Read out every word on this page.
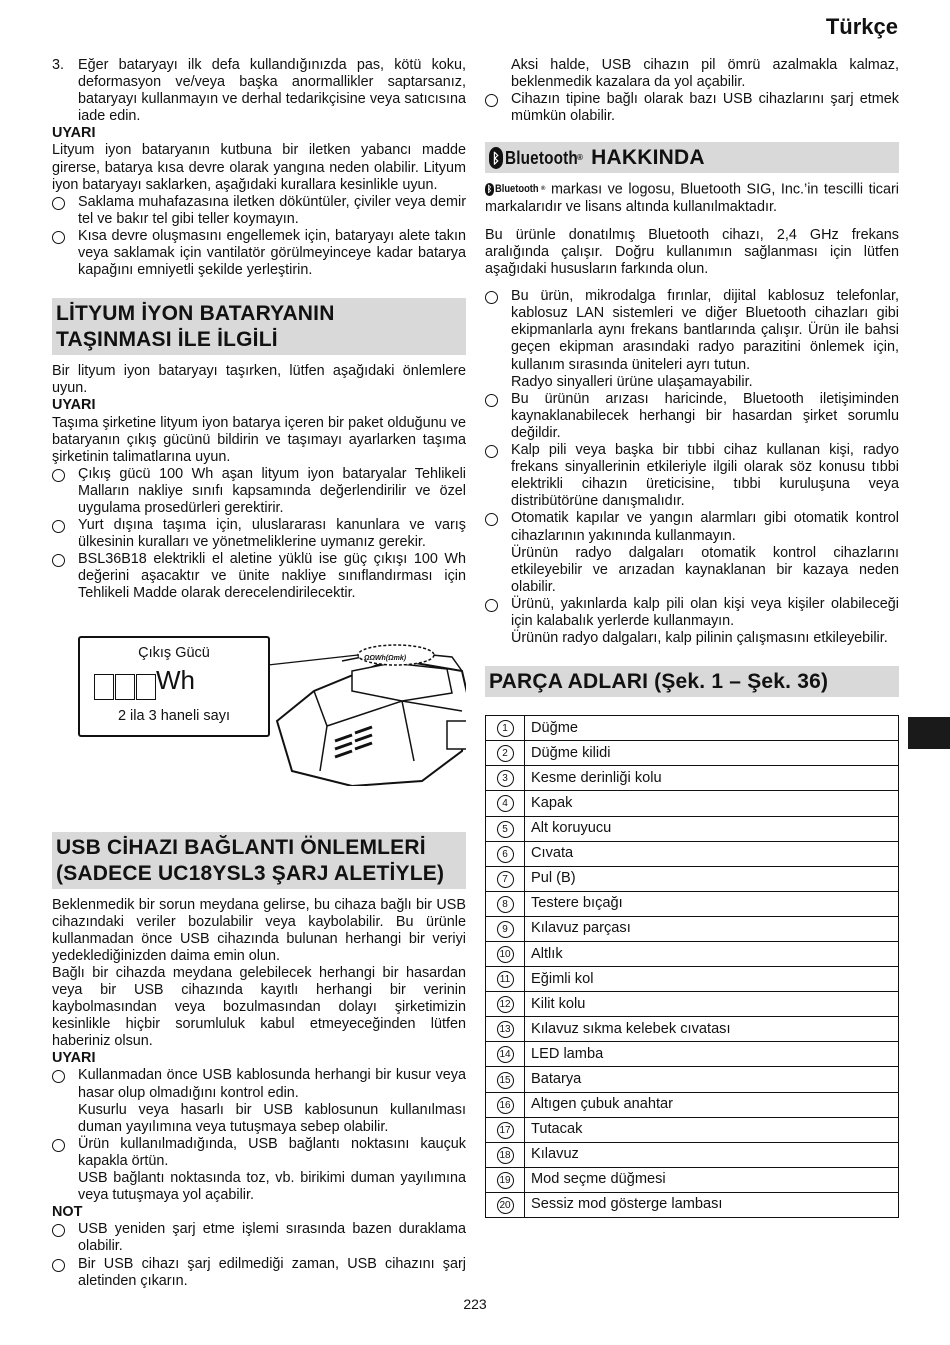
Türkçe
3. Eğer bataryayı ilk defa kullandığınızda pas, kötü koku, deformasyon ve/veya başka anormallikler saptarsanız, bataryayı kullanmayın ve derhal tedarikçisine veya satıcısına iade edin.

UYARI

Lityum iyon bataryanın kutbuna bir iletken yabancı madde girerse, batarya kısa devre olarak yangına neden olabilir. Lityum iyon bataryayı saklarken, aşağıdaki kurallara kesinlikle uyun.

Saklama muhafazasına iletken döküntüler, çiviler veya demir tel ve bakır tel gibi teller koymayın.
Kısa devre oluşmasını engellemek için, bataryayı alete takın veya saklamak için vantilatör görülmeyinceye kadar batarya kapağını emniyetli şekilde yerleştirin.
LİTYUM İYON BATARYANIN
TAŞINMASI İLE İLGİLİ

Bir lityum iyon bataryayı taşırken, lütfen aşağıdaki önlemlere uyun.

UYARI

Taşıma şirketine lityum iyon batarya içeren bir paket olduğunu ve bataryanın çıkış gücünü bildirin ve taşımayı ayarlarken taşıma şirketinin talimatlarına uyun.

Çıkış gücü 100 Wh aşan lityum iyon bataryalar Tehlikeli Malların nakliye sınıfı kapsamında değerlendirilir ve özel uygulama prosedürleri gerektirir.
Yurt dışına taşıma için, uluslararası kanunlara ve varış ülkesinin kuralları ve yönetmeliklerine uymanız gerekir.
BSL36B18 elektrikli el aletine yüklü ise güç çıkışı 100 Wh değerini aşacaktır ve ünite nakliye sınıflandırması için Tehlikeli Madde olarak derecelendirilecektir.
Çıkış Gücü
Wh
2 ila 3 haneli sayı
ΩΩWh(Ωmk)
USB CİHAZI BAĞLANTI ÖNLEMLERİ
(SADECE UC18YSL3 ŞARJ ALETİYLE)

Beklenmedik bir sorun meydana gelirse, bu cihaza bağlı bir USB cihazındaki veriler bozulabilir veya kaybolabilir. Bu ürünle kullanmadan önce USB cihazında bulunan herhangi bir veriyi yedeklediğinizden daima emin olun.

Bağlı bir cihazda meydana gelebilecek herhangi bir hasardan veya bir USB cihazında kayıtlı herhangi bir verinin kaybolmasından veya bozulmasından dolayı şirketimizin kesinlikle hiçbir sorumluluk kabul etmeyeceğinden lütfen haberiniz olsun.

UYARI

Kullanmadan önce USB kablosunda herhangi bir kusur veya hasar olup olmadığını kontrol edin.
Kusurlu veya hasarlı bir USB kablosunun kullanılması duman yayılımına veya tutuşmaya sebep olabilir.
Ürün kullanılmadığında, USB bağlantı noktasını kauçuk kapakla örtün.
USB bağlantı noktasında toz, vb. birikimi duman yayılımına veya tutuşmaya yol açabilir.

NOT

USB yeniden şarj etme işlemi sırasında bazen duraklama olabilir.
Bir USB cihazı şarj edilmediği zaman, USB cihazını şarj aletinden çıkarın.
Aksi halde, USB cihazın pil ömrü azalmakla kalmaz, beklenmedik kazalara da yol açabilir.
Cihazın tipine bağlı olarak bazı USB cihazlarını şarj etmek mümkün olabilir.
ᛒ Bluetooth ® HAKKINDA

ᛒ Bluetooth ® markası ve logosu, Bluetooth SIG, Inc.’in tescilli ticari markalarıdır ve lisans altında kullanılmaktadır.

Bu ürünle donatılmış Bluetooth cihazı, 2,4 GHz frekans aralığında çalışır. Doğru kullanımın sağlanması için lütfen aşağıdaki hususların farkında olun.

Bu ürün, mikrodalga fırınlar, dijital kablosuz telefonlar, kablosuz LAN sistemleri ve diğer Bluetooth cihazları gibi ekipmanlarla aynı frekans bantlarında çalışır. Ürün ile bahsi geçen ekipman arasındaki radyo parazitini önlemek için, kullanım sırasında üniteleri ayrı tutun.
Radyo sinyalleri ürüne ulaşamayabilir.
Bu ürünün arızası haricinde, Bluetooth iletişiminden kaynaklanabilecek herhangi bir hasardan şirket sorumlu değildir.
Kalp pili veya başka bir tıbbi cihaz kullanan kişi, radyo frekans sinyallerinin etkileriyle ilgili olarak söz konusu tıbbi elektrikli cihazın üreticisine, tıbbi kuruluşuna veya distribütörüne danışmalıdır.
Otomatik kapılar ve yangın alarmları gibi otomatik kontrol cihazlarının yakınında kullanmayın.
Ürünün radyo dalgaları otomatik kontrol cihazlarını etkileyebilir ve arızadan kaynaklanan bir kazaya neden olabilir.
Ürünü, yakınlarda kalp pili olan kişi veya kişiler olabileceği için kalabalık yerlerde kullanmayın.
Ürünün radyo dalgaları, kalp pilinin çalışmasını etkileyebilir.
PARÇA ADLARI (Şek. 1 – Şek. 36)
1	Düğme
2	Düğme kilidi
3	Kesme derinliği kolu
4	Kapak
5	Alt koruyucu
6	Cıvata
7	Pul (B)
8	Testere bıçağı
9	Kılavuz parçası
10	Altlık
11	Eğimli kol
12	Kilit kolu
13	Kılavuz sıkma kelebek cıvatası
14	LED lamba
15	Batarya
16	Altıgen çubuk anahtar
17	Tutacak
18	Kılavuz
19	Mod seçme düğmesi
20	Sessiz mod gösterge lambası
223
